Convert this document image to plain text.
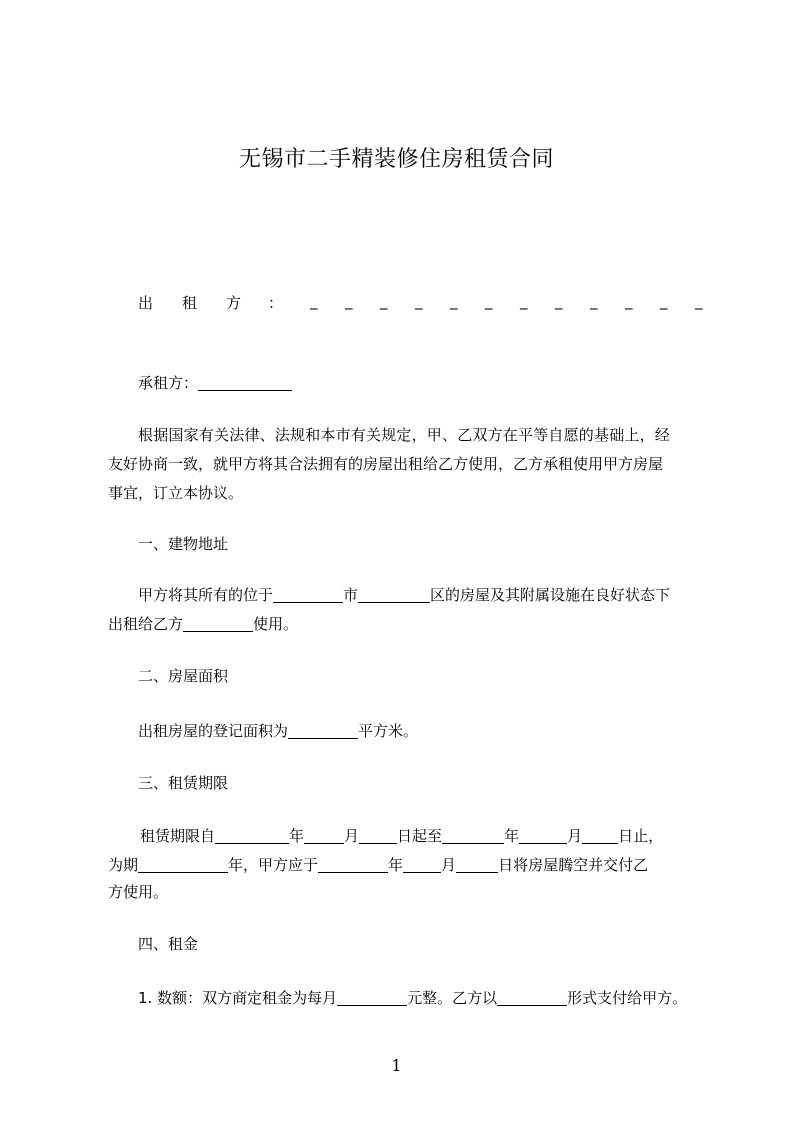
无锡市二手精装修住房租赁合同
出 租 方 ： _ _ _ _ _ _ _ _ _ _ _ _
承租方：
根据国家有关法律、法规和本市有关规定，甲、乙双方在平等自愿的基础上，经
友好协商一致，就甲方将其合法拥有的房屋出租给乙方使用，乙方承租使用甲方房屋
事宜，订立本协议。
一、建物地址
甲方将其所有的位于	市	区的房屋及其附属设施在良好状态下
出租给乙方	使用。
二、房屋面积
出租房屋的登记面积为	平方米。
三、租赁期限
租赁期限自	年	月	日起至	年	月 日止，
为期	年，甲方应于	年	月	日将房屋腾空并交付乙
方使用。
四、租金
1. 数额：双方商定租金为每月	元整。乙方以	形式支付给甲方。
1
